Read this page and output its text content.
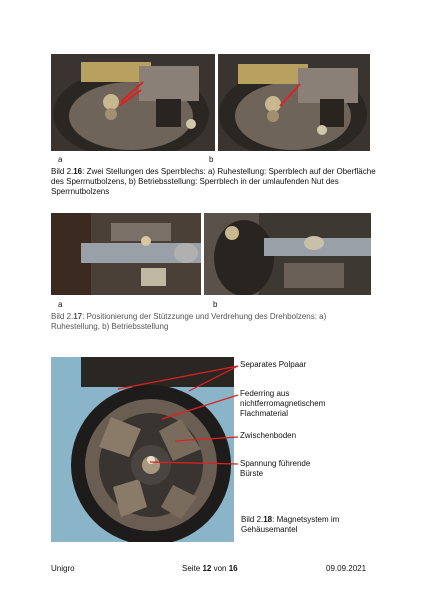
a	b
Bild 2.16: Zwei Stellungen des Sperrblechs: a) Ruhestellung: Sperrblech auf der Oberfläche des Sperrnutbolzens, b) Betriebsstellung: Sperrblech in der umlaufenden Nut des Sperrnutbolzens
a	b
Bild 2.17: Positionierung der Stützzunge und Verdrehung des Drehbolzens: a) Ruhestellung, b) Betriebsstellung
Separates Polpaar
Federring aus nichtferromagnetischem Flachmaterial
Zwischenboden
Spannung führende Bürste
Bild 2.18: Magnetsystem im Gehäusemantel
Unigro	Seite 12 von 16	09.09.2021
